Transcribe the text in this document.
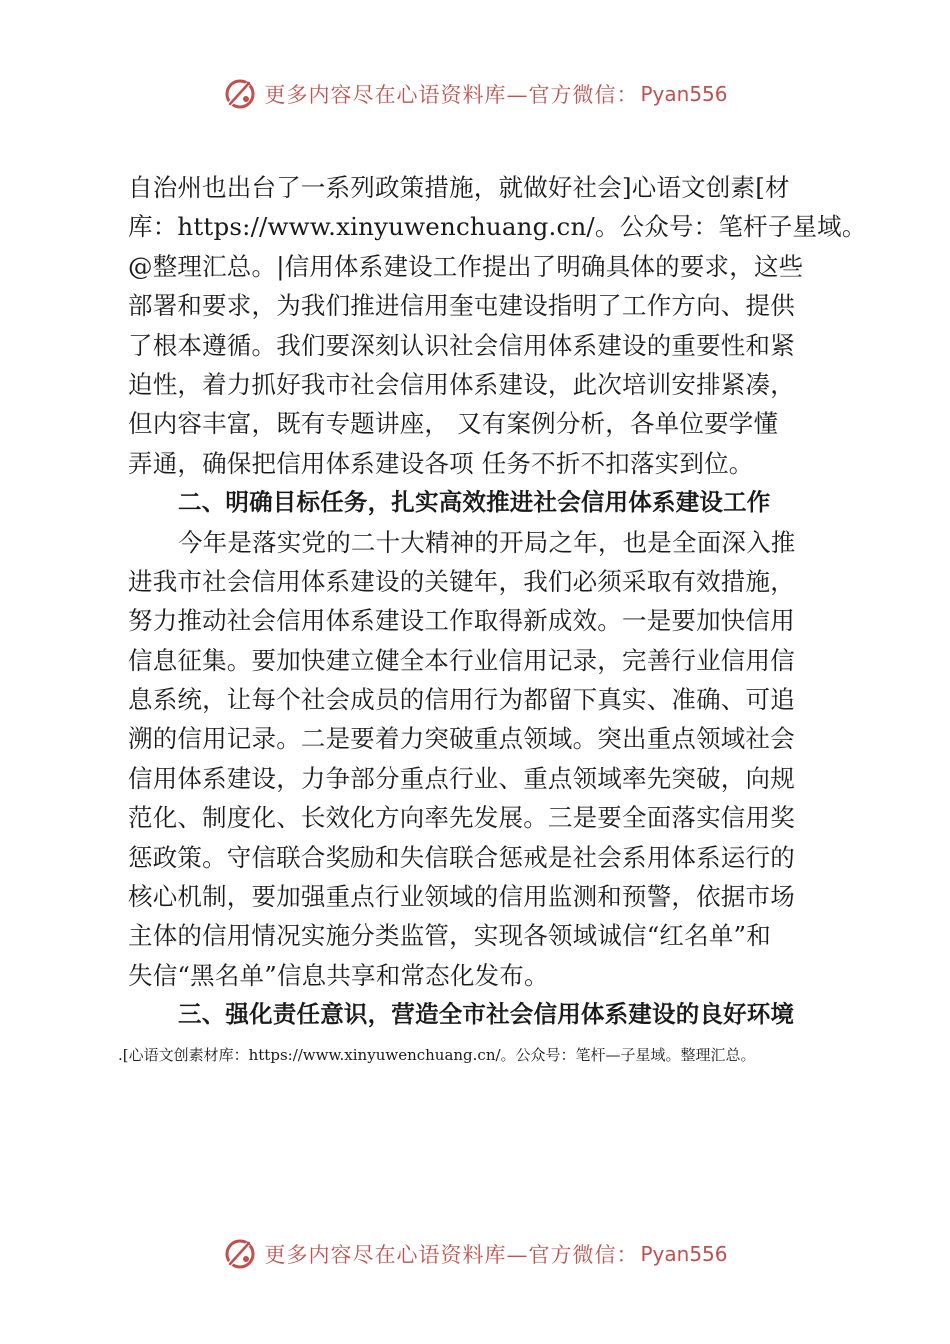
更多内容尽在心语资料库—官方微信： Pyan556
自治州也出台了一系列政策措施，就做好社会]心语文创素[材
库：https://www.xinyuwenchuang.cn/。公众号：笔杆子星域。
@整理汇总。|信用体系建设工作提出了明确具体的要求，这些
部署和要求，为我们推进信用奎屯建设指明了工作方向、提供
了根本遵循。我们要深刻认识社会信用体系建设的重要性和紧
迫性，着力抓好我市社会信用体系建设，此次培训安排紧凑，
但内容丰富，既有专题讲座， 又有案例分析，各单位要学懂
弄通，确保把信用体系建设各项 任务不折不扣落实到位。
二、明确目标任务，扎实高效推进社会信用体系建设工作
今年是落实党的二十大精神的开局之年，也是全面深入推
进我市社会信用体系建设的关键年，我们必须采取有效措施，
努力推动社会信用体系建设工作取得新成效。一是要加快信用
信息征集。要加快建立健全本行业信用记录，完善行业信用信
息系统，让每个社会成员的信用行为都留下真实、准确、可追
溯的信用记录。二是要着力突破重点领域。突出重点领域社会
信用体系建设，力争部分重点行业、重点领域率先突破，向规
范化、制度化、长效化方向率先发展。三是要全面落实信用奖
惩政策。守信联合奖励和失信联合惩戒是社会系用体系运行的
核心机制，要加强重点行业领域的信用监测和预警，依据市场
主体的信用情况实施分类监管，实现各领域诚信“红名单”和
失信“黑名单”信息共享和常态化发布。
三、强化责任意识，营造全市社会信用体系建设的良好环境
.[心语文创素材库：https://www.xinyuwenchuang.cn/。公众号：笔杆—子星域。整理汇总。
更多内容尽在心语资料库—官方微信： Pyan556
